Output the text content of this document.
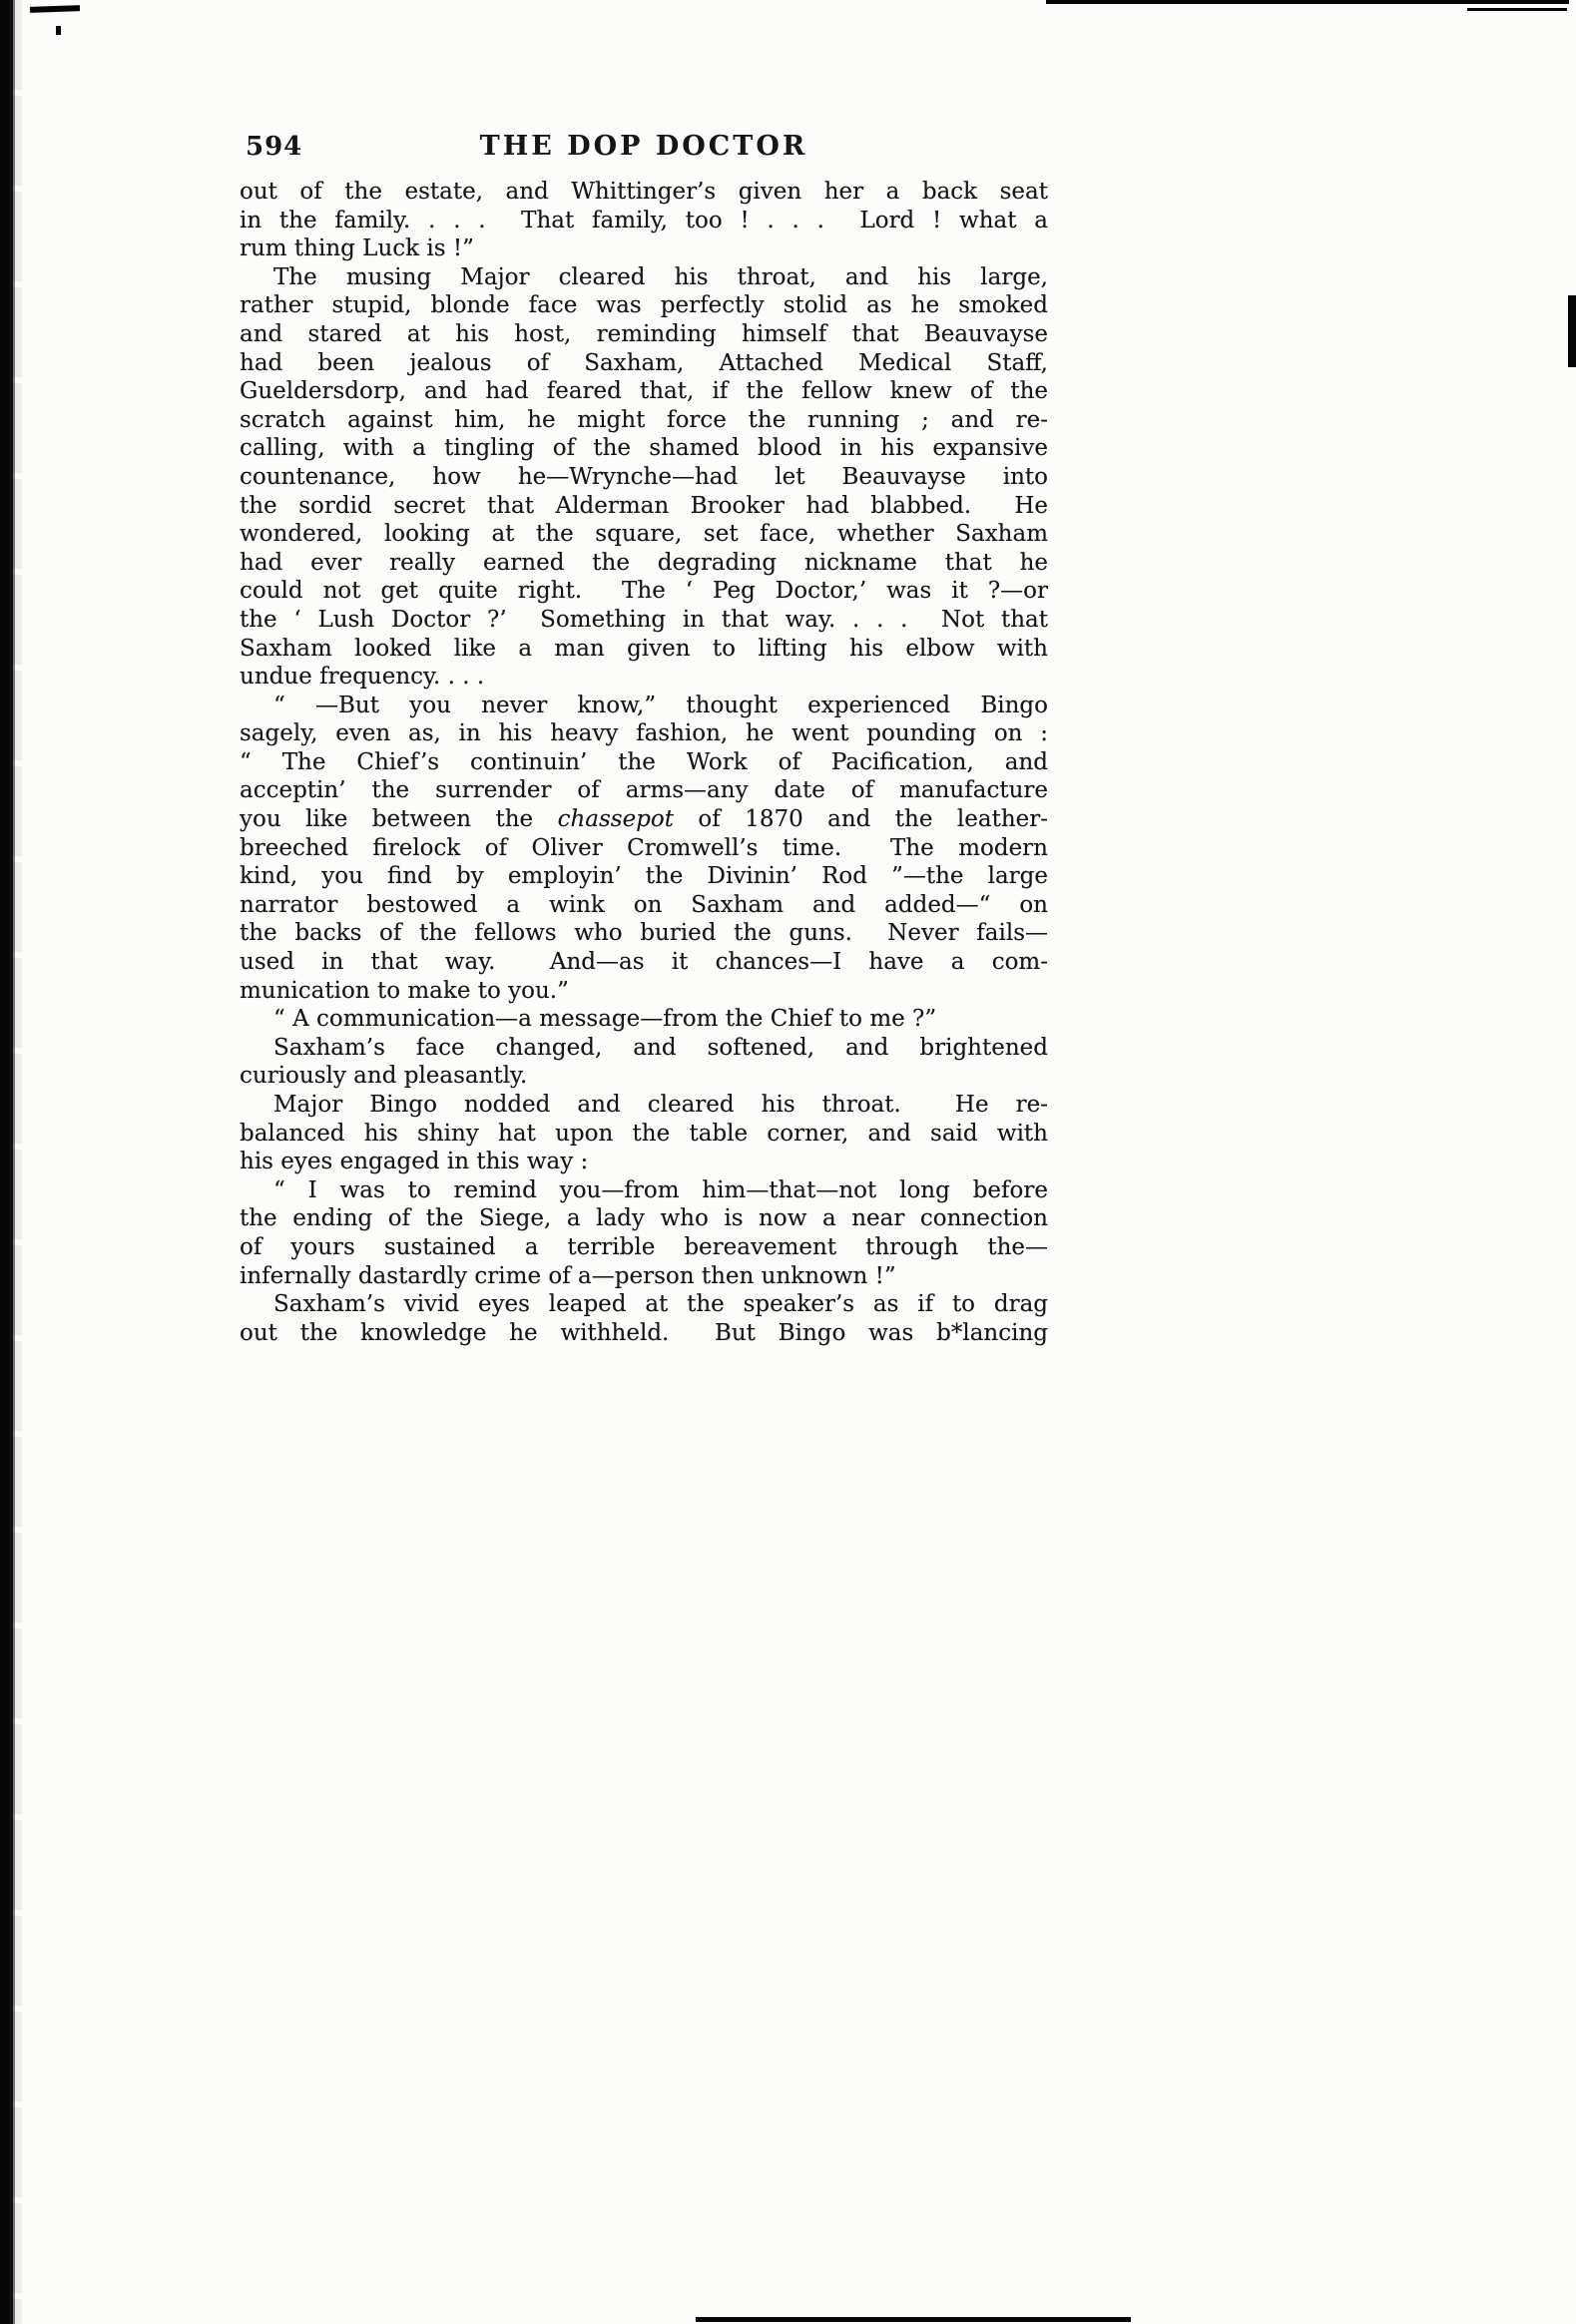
594	THE DOP DOCTOR
out of the estate, and Whittinger’s given her a back seat
in the family. . . .  That family, too ! . . .  Lord ! what a
rum thing Luck is !”
The musing Major cleared his throat, and his large,
rather stupid, blonde face was perfectly stolid as he smoked
and stared at his host, reminding himself that Beauvayse
had been jealous of Saxham, Attached Medical Staff,
Gueldersdorp, and had feared that, if the fellow knew of the
scratch against him, he might force the running ; and re-
calling, with a tingling of the shamed blood in his expansive
countenance, how he—Wrynche—had let Beauvayse into
the sordid secret that Alderman Brooker had blabbed.  He
wondered, looking at the square, set face, whether Saxham
had ever really earned the degrading nickname that he
could not get quite right.  The ‘ Peg Doctor,’ was it ?—or
the ‘ Lush Doctor ?’  Something in that way. . . .  Not that
Saxham looked like a man given to lifting his elbow with
undue frequency. . . .
“ —But you never know,” thought experienced Bingo
sagely, even as, in his heavy fashion, he went pounding on :
“ The Chief’s continuin’ the Work of Pacification, and
acceptin’ the surrender of arms—any date of manufacture
you like between the chassepot of 1870 and the leather-
breeched firelock of Oliver Cromwell’s time.  The modern
kind, you find by employin’ the Divinin’ Rod ”—the large
narrator bestowed a wink on Saxham and added—“ on
the backs of the fellows who buried the guns.  Never fails—
used in that way.  And—as it chances—I have a com-
munication to make to you.”
“ A communication—a message—from the Chief to me ?”
Saxham’s face changed, and softened, and brightened
curiously and pleasantly.
Major Bingo nodded and cleared his throat.  He re-
balanced his shiny hat upon the table corner, and said with
his eyes engaged in this way :
“ I was to remind you—from him—that—not long before
the ending of the Siege, a lady who is now a near connection
of yours sustained a terrible bereavement through the—
infernally dastardly crime of a—person then unknown !”
Saxham’s vivid eyes leaped at the speaker’s as if to drag
out the knowledge he withheld.  But Bingo was b*lancing
